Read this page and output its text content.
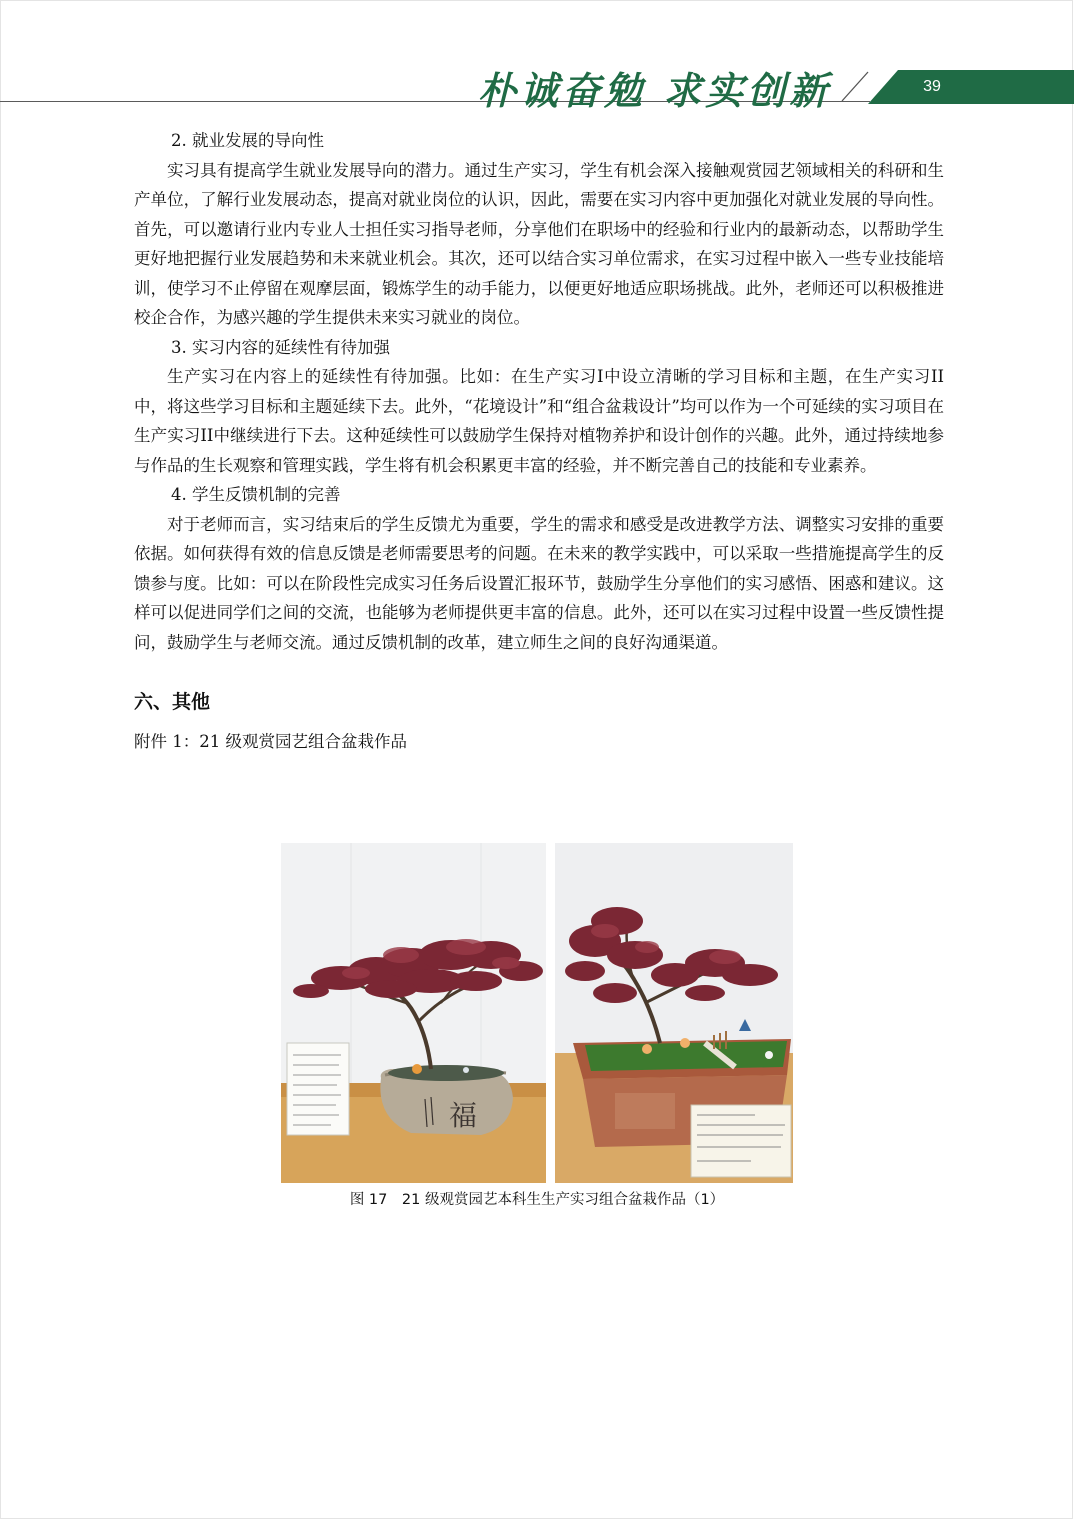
朴诚奋勉 求实创新	39

2. 就业发展的导向性

实习具有提高学生就业发展导向的潜力。通过生产实习，学生有机会深入接触观赏园艺领域相关的科研和生产单位，了解行业发展动态，提高对就业岗位的认识，因此，需要在实习内容中更加强化对就业发展的导向性。首先，可以邀请行业内专业人士担任实习指导老师，分享他们在职场中的经验和行业内的最新动态，以帮助学生更好地把握行业发展趋势和未来就业机会。其次，还可以结合实习单位需求，在实习过程中嵌入一些专业技能培训，使学习不止停留在观摩层面，锻炼学生的动手能力，以便更好地适应职场挑战。此外，老师还可以积极推进校企合作，为感兴趣的学生提供未来实习就业的岗位。

3. 实习内容的延续性有待加强

生产实习在内容上的延续性有待加强。比如：在生产实习I中设立清晰的学习目标和主题，在生产实习II中，将这些学习目标和主题延续下去。此外，“花境设计”和“组合盆栽设计”均可以作为一个可延续的实习项目在生产实习II中继续进行下去。这种延续性可以鼓励学生保持对植物养护和设计创作的兴趣。此外，通过持续地参与作品的生长观察和管理实践，学生将有机会积累更丰富的经验，并不断完善自己的技能和专业素养。

4. 学生反馈机制的完善

对于老师而言，实习结束后的学生反馈尤为重要，学生的需求和感受是改进教学方法、调整实习安排的重要依据。如何获得有效的信息反馈是老师需要思考的问题。在未来的教学实践中，可以采取一些措施提高学生的反馈参与度。比如：可以在阶段性完成实习任务后设置汇报环节，鼓励学生分享他们的实习感悟、困惑和建议。这样可以促进同学们之间的交流，也能够为老师提供更丰富的信息。此外，还可以在实习过程中设置一些反馈性提问，鼓励学生与老师交流。通过反馈机制的改革，建立师生之间的良好沟通渠道。

六、其他

附件 1：21 级观赏园艺组合盆栽作品

福
图 17　21 级观赏园艺本科生生产实习组合盆栽作品（1）
